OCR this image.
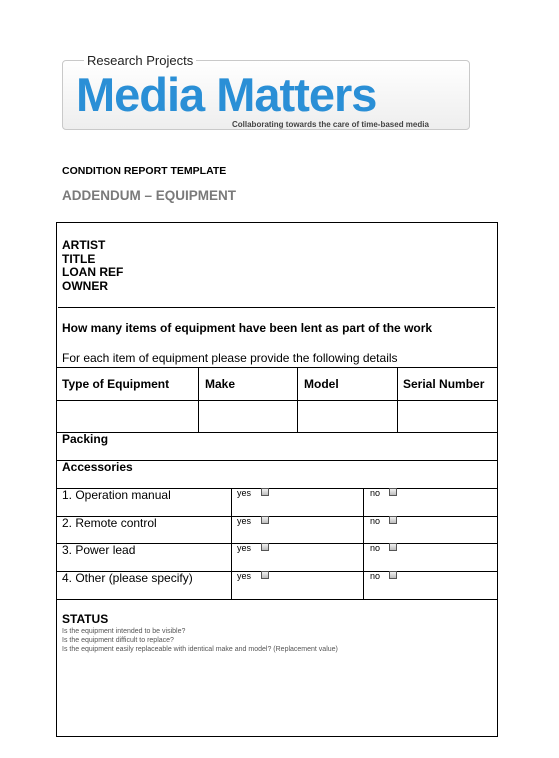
Research Projects
Media Matters
Collaborating towards the care of time-based media
CONDITION REPORT TEMPLATE
ADDENDUM – EQUIPMENT
ARTIST
TITLE
LOAN REF
OWNER
How many items of equipment have been lent as part of the work
For each item of equipment please provide the following details
Type of Equipment	Make	Model	Serial Number
Packing
Accessories
1. Operation manual	yes	no
2. Remote control	yes	no
3. Power lead	yes	no
4. Other (please specify)	yes	no
STATUS
Is the equipment intended to be visible?
Is the equipment difficult to replace?
Is the equipment easily replaceable with identical make and model? (Replacement value)
